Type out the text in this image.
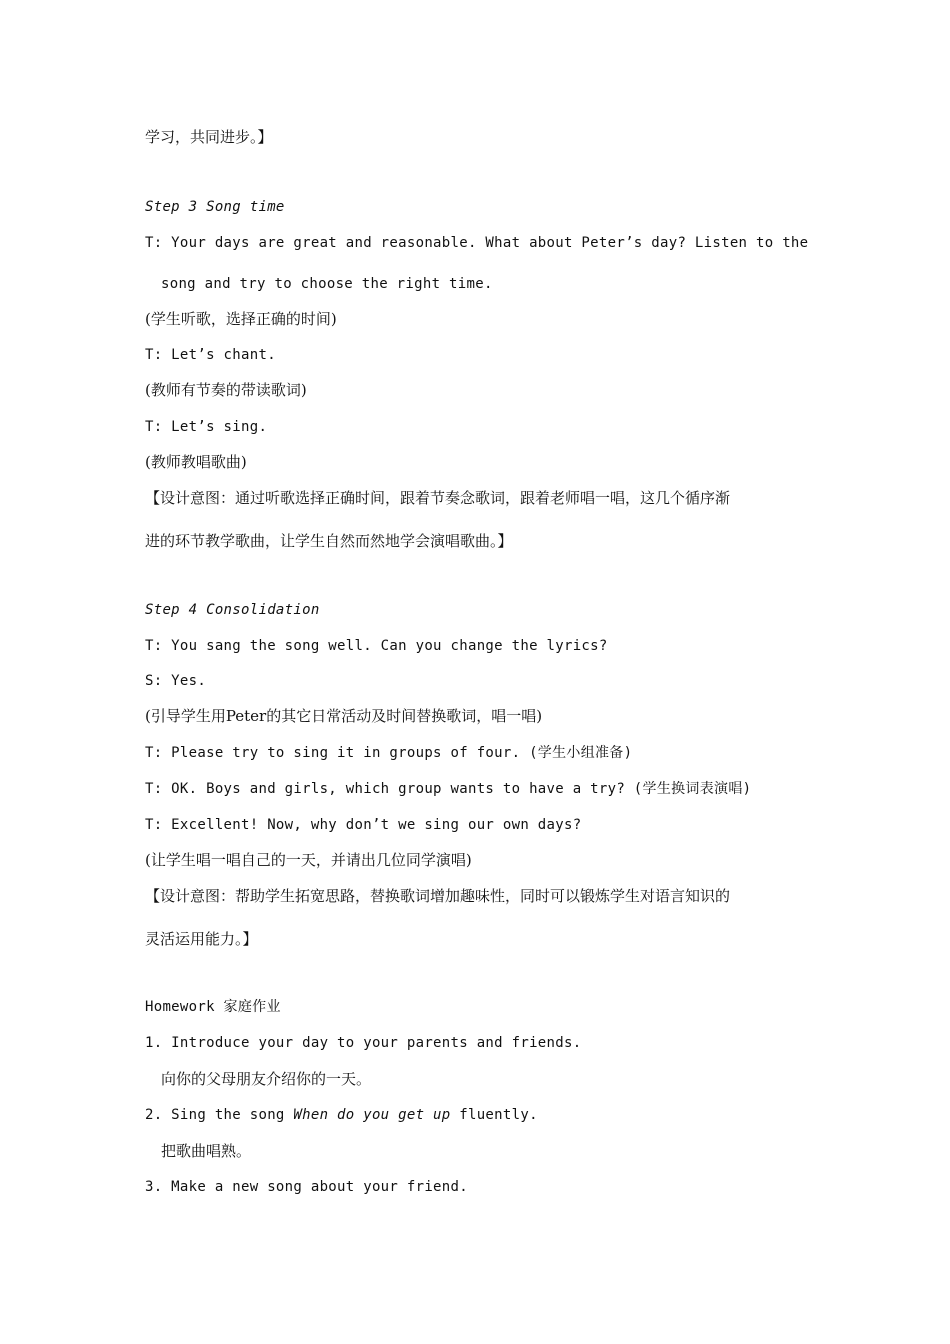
学习，共同进步。】
Step 3 Song time
T: Your days are great and reasonable. What about Peter’s day? Listen to the
song and try to choose the right time.
(学生听歌，选择正确的时间)
T: Let’s chant.
(教师有节奏的带读歌词)
T: Let’s sing.
(教师教唱歌曲)
【设计意图：通过听歌选择正确时间，跟着节奏念歌词，跟着老师唱一唱，这几个循序渐
进的环节教学歌曲，让学生自然而然地学会演唱歌曲。】
Step 4 Consolidation
T: You sang the song well. Can you change the lyrics?
S: Yes.
(引导学生用Peter的其它日常活动及时间替换歌词，唱一唱)
T: Please try to sing it in groups of four. (学生小组准备)
T: OK. Boys and girls, which group wants to have a try? (学生换词表演唱)
T: Excellent! Now, why don’t we sing our own days?
(让学生唱一唱自己的一天，并请出几位同学演唱)
【设计意图：帮助学生拓宽思路，替换歌词增加趣味性，同时可以锻炼学生对语言知识的
灵活运用能力。】
Homework 家庭作业
1. Introduce your day to your parents and friends.
向你的父母朋友介绍你的一天。
2. Sing the song When do you get up fluently.
把歌曲唱熟。
3. Make a new song about your friend.
